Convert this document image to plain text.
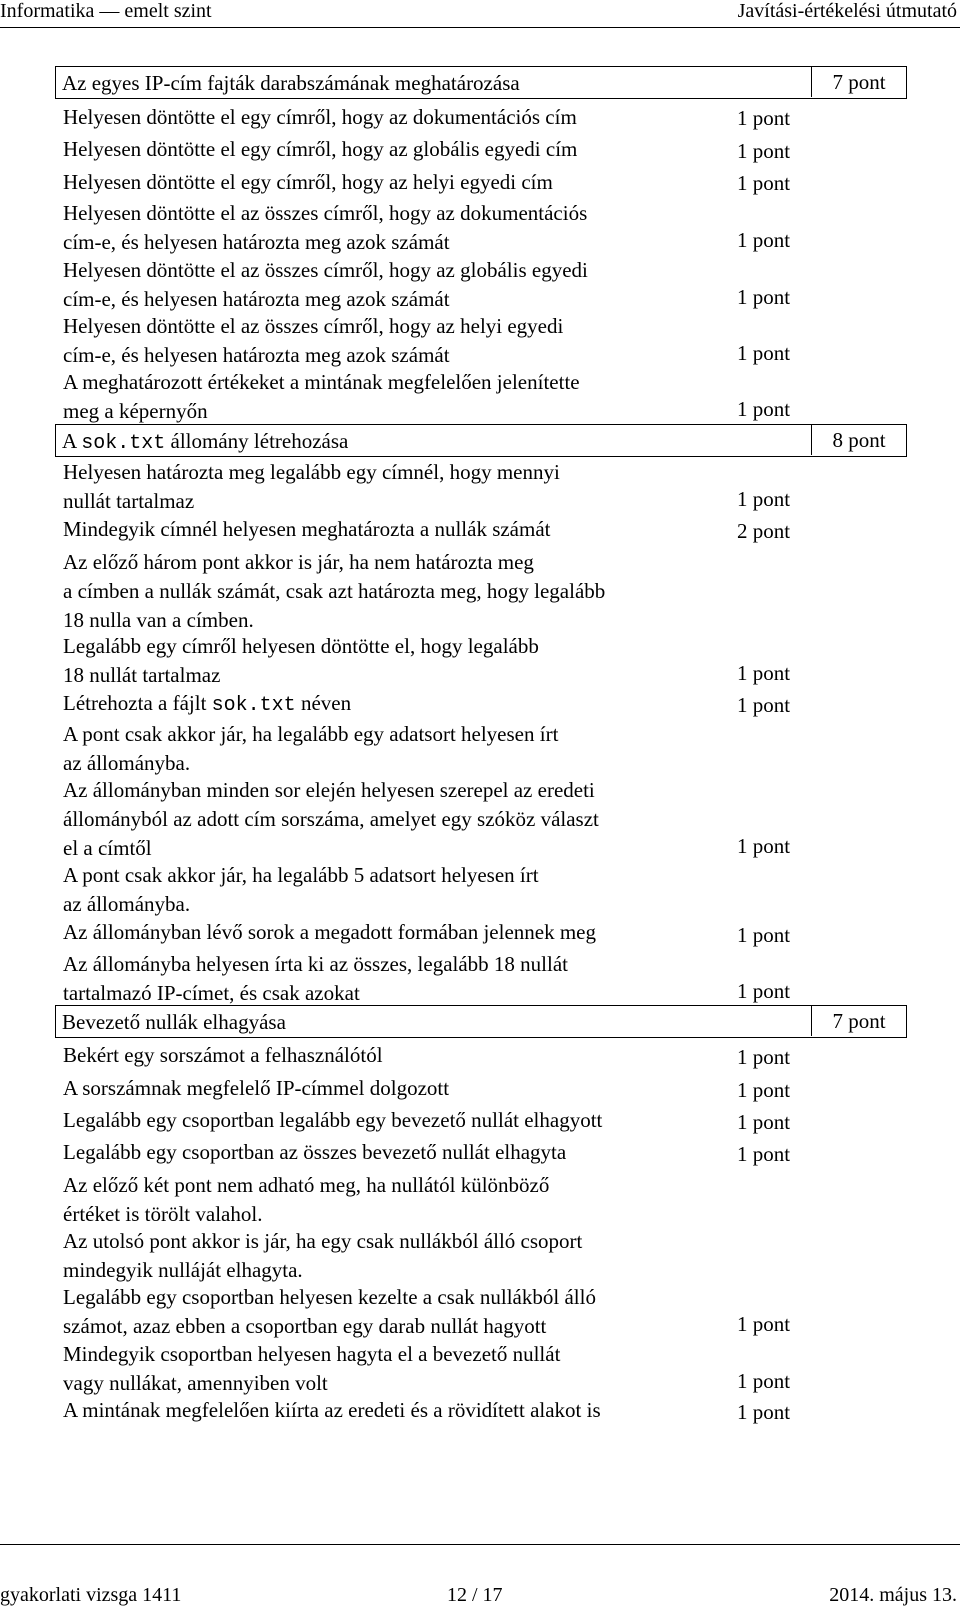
Informatika — emelt szint	Javítási-értékelési útmutató
Az egyes IP-cím fajták darabszámának meghatározása	7 pont
Helyesen döntötte el egy címről, hogy az dokumentációs cím	1 pont
Helyesen döntötte el egy címről, hogy az globális egyedi cím	1 pont
Helyesen döntötte el egy címről, hogy az helyi egyedi cím	1 pont
Helyesen döntötte el az összes címről, hogy az dokumentációs
cím-e, és helyesen határozta meg azok számát	1 pont
Helyesen döntötte el az összes címről, hogy az globális egyedi
cím-e, és helyesen határozta meg azok számát	1 pont
Helyesen döntötte el az összes címről, hogy az helyi egyedi
cím-e, és helyesen határozta meg azok számát	1 pont
A meghatározott értékeket a mintának megfelelően jelenítette
meg a képernyőn	1 pont
A sok.txt állomány létrehozása	8 pont
Helyesen határozta meg legalább egy címnél, hogy mennyi
nullát tartalmaz	1 pont
Mindegyik címnél helyesen meghatározta a nullák számát	2 pont
Az előző három pont akkor is jár, ha nem határozta meg
a címben a nullák számát, csak azt határozta meg, hogy legalább
18 nulla van a címben.
Legalább egy címről helyesen döntötte el, hogy legalább
18 nullát tartalmaz	1 pont
Létrehozta a fájlt sok.txt néven	1 pont
A pont csak akkor jár, ha legalább egy adatsort helyesen írt
az állományba.
Az állományban minden sor elején helyesen szerepel az eredeti
állományból az adott cím sorszáma, amelyet egy szóköz választ
el a címtől	1 pont
A pont csak akkor jár, ha legalább 5 adatsort helyesen írt
az állományba.
Az állományban lévő sorok a megadott formában jelennek meg	1 pont
Az állományba helyesen írta ki az összes, legalább 18 nullát
tartalmazó IP-címet, és csak azokat	1 pont
Bevezető nullák elhagyása	7 pont
Bekért egy sorszámot a felhasználótól	1 pont
A sorszámnak megfelelő IP-címmel dolgozott	1 pont
Legalább egy csoportban legalább egy bevezető nullát elhagyott	1 pont
Legalább egy csoportban az összes bevezető nullát elhagyta	1 pont
Az előző két pont nem adható meg, ha nullától különböző
értéket is törölt valahol.
Az utolsó pont akkor is jár, ha egy csak nullákból álló csoport
mindegyik nulláját elhagyta.
Legalább egy csoportban helyesen kezelte a csak nullákból álló
számot, azaz ebben a csoportban egy darab nullát hagyott	1 pont
Mindegyik csoportban helyesen hagyta el a bevezető nullát
vagy nullákat, amennyiben volt	1 pont
A mintának megfelelően kiírta az eredeti és a rövidített alakot is	1 pont
gyakorlati vizsga 1411	12 / 17	2014. május 13.
